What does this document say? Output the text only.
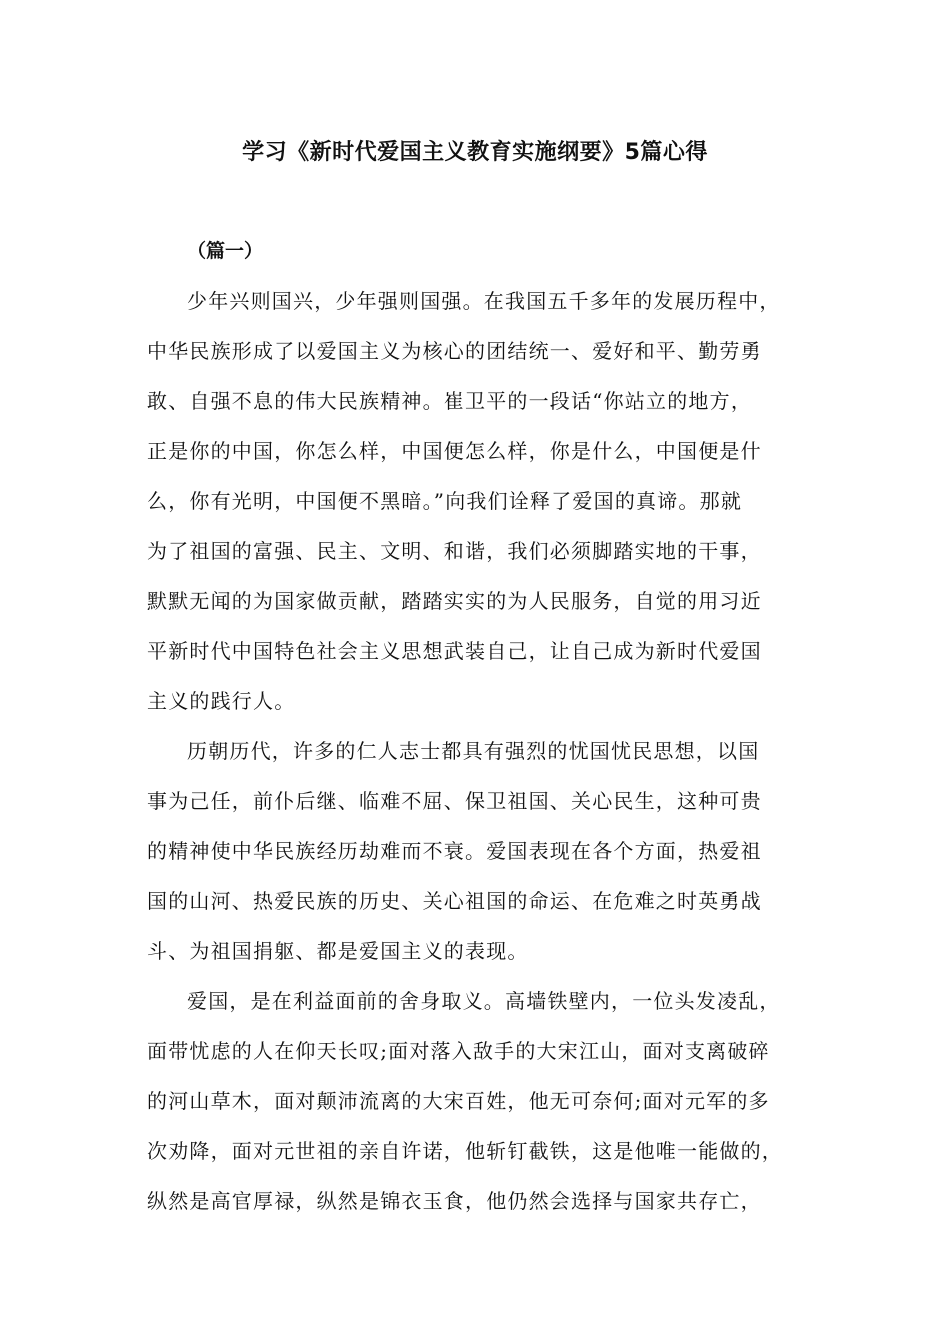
学习《新时代爱国主义教育实施纲要》5篇心得

（篇一）

少年兴则国兴，少年强则国强。在我国五千多年的发展历程中，
中华民族形成了以爱国主义为核心的团结统一、爱好和平、勤劳勇
敢、自强不息的伟大民族精神。崔卫平的一段话“你站立的地方，
正是你的中国，你怎么样，中国便怎么样，你是什么，中国便是什
么，你有光明，中国便不黑暗。”向我们诠释了爱国的真谛。那就
为了祖国的富强、民主、文明、和谐，我们必须脚踏实地的干事，
默默无闻的为国家做贡献，踏踏实实的为人民服务，自觉的用习近
平新时代中国特色社会主义思想武装自己，让自己成为新时代爱国
主义的践行人。
历朝历代，许多的仁人志士都具有强烈的忧国忧民思想，以国
事为己任，前仆后继、临难不屈、保卫祖国、关心民生，这种可贵
的精神使中华民族经历劫难而不衰。爱国表现在各个方面，热爱祖
国的山河、热爱民族的历史、关心祖国的命运、在危难之时英勇战
斗、为祖国捐躯、都是爱国主义的表现。
爱国，是在利益面前的舍身取义。高墙铁壁内，一位头发凌乱，
面带忧虑的人在仰天长叹;面对落入敌手的大宋江山，面对支离破碎
的河山草木，面对颠沛流离的大宋百姓，他无可奈何;面对元军的多
次劝降，面对元世祖的亲自许诺，他斩钉截铁，这是他唯一能做的，
纵然是高官厚禄，纵然是锦衣玉食，他仍然会选择与国家共存亡，
